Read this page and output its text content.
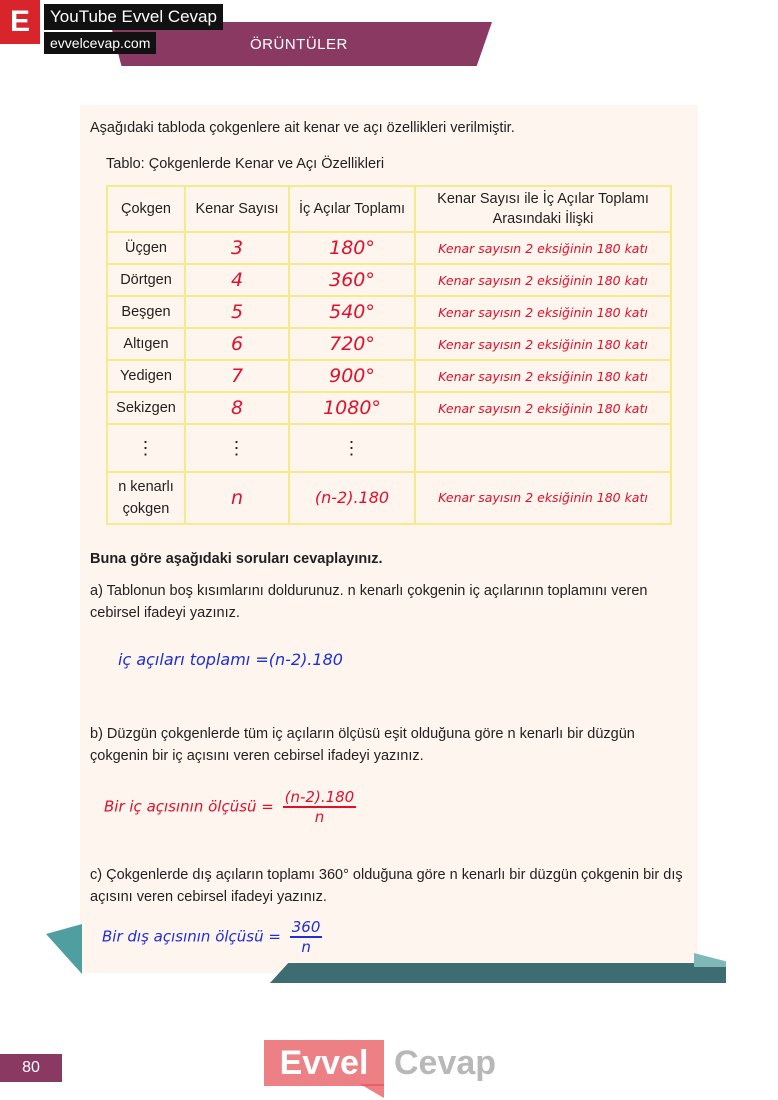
ÖRÜNTÜLER
E	YouTube Evvel Cevap
evvelcevap.com
Aşağıdaki tabloda çokgenlere ait kenar ve açı özellikleri verilmiştir.
Tablo: Çokgenlerde Kenar ve Açı Özellikleri
Çokgen	Kenar Sayısı	İç Açılar Toplamı	Kenar Sayısı ile İç Açılar Toplamı Arasındaki İlişki
Üçgen	3	180°	Kenar sayısın 2 eksiğinin 180 katı
Dörtgen	4	360°	Kenar sayısın 2 eksiğinin 180 katı
Beşgen	5	540°	Kenar sayısın 2 eksiğinin 180 katı
Altıgen	6	720°	Kenar sayısın 2 eksiğinin 180 katı
Yedigen	7	900°	Kenar sayısın 2 eksiğinin 180 katı
Sekizgen	8	1080°	Kenar sayısın 2 eksiğinin 180 katı
⋮	⋮	⋮	
n kenarlı çokgen	n	(n-2).180	Kenar sayısın 2 eksiğinin 180 katı
Buna göre aşağıdaki soruları cevaplayınız.
a) Tablonun boş kısımlarını doldurunuz. n kenarlı çokgenin iç açılarının toplamını veren cebirsel ifadeyi yazınız.
iç açıları toplamı =(n-2).180
b) Düzgün çokgenlerde tüm iç açıların ölçüsü eşit olduğuna göre n kenarlı bir düzgün çokgenin bir iç açısını veren cebirsel ifadeyi yazınız.
Bir iç açısının ölçüsü = $\frac{(n-2).180}{n}$
c) Çokgenlerde dış açıların toplamı 360° olduğuna göre n kenarlı bir düzgün çokgenin bir dış açısını veren cebirsel ifadeyi yazınız.
Bir dış açısının ölçüsü = $\frac{360}{n}$
80	Evvel Cevap
